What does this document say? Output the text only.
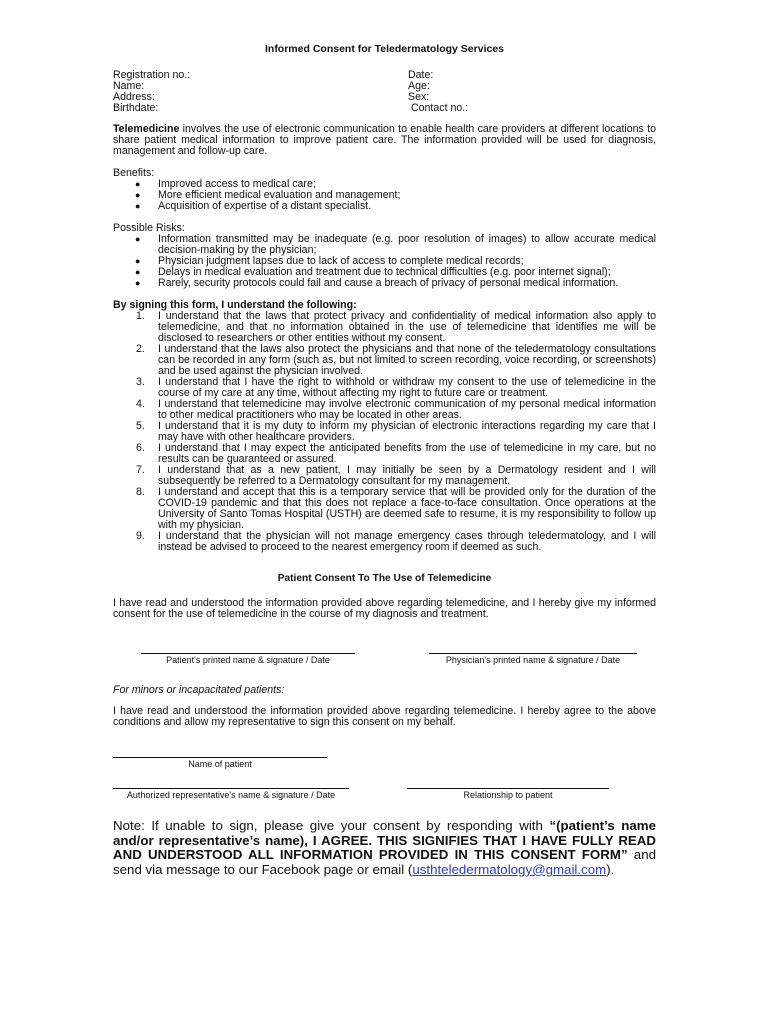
Informed Consent for Teledermatology Services
Registration no.:
Name:
Address:
Birthdate:
Date:
Age:
Sex:
Contact no.:
Telemedicine involves the use of electronic communication to enable health care providers at different locations to share patient medical information to improve patient care. The information provided will be used for diagnosis, management and follow-up care.
Benefits:
● Improved access to medical care;
● More efficient medical evaluation and management;
● Acquisition of expertise of a distant specialist.
Possible Risks:
● Information transmitted may be inadequate (e.g. poor resolution of images) to allow accurate medical decision-making by the physician;
● Physician judgment lapses due to lack of access to complete medical records;
● Delays in medical evaluation and treatment due to technical difficulties (e.g. poor internet signal);
● Rarely, security protocols could fail and cause a breach of privacy of personal medical information.
By signing this form, I understand the following:
1. I understand that the laws that protect privacy and confidentiality of medical information also apply to telemedicine, and that no information obtained in the use of telemedicine that identifies me will be disclosed to researchers or other entities without my consent.
2. I understand that the laws also protect the physicians and that none of the teledermatology consultations can be recorded in any form (such as, but not limited to screen recording, voice recording, or screenshots) and be used against the physician involved.
3. I understand that I have the right to withhold or withdraw my consent to the use of telemedicine in the course of my care at any time, without affecting my right to future care or treatment.
4. I understand that telemedicine may involve electronic communication of my personal medical information to other medical practitioners who may be located in other areas.
5. I understand that it is my duty to inform my physician of electronic interactions regarding my care that I may have with other healthcare providers.
6. I understand that I may expect the anticipated benefits from the use of telemedicine in my care, but no results can be guaranteed or assured.
7. I understand that as a new patient, I may initially be seen by a Dermatology resident and I will subsequently be referred to a Dermatology consultant for my management.
8. I understand and accept that this is a temporary service that will be provided only for the duration of the COVID-19 pandemic and that this does not replace a face-to-face consultation. Once operations at the University of Santo Tomas Hospital (USTH) are deemed safe to resume, it is my responsibility to follow up with my physician.
9. I understand that the physician will not manage emergency cases through teledermatology, and I will instead be advised to proceed to the nearest emergency room if deemed as such.
Patient Consent To The Use of Telemedicine
I have read and understood the information provided above regarding telemedicine, and I hereby give my informed consent for the use of telemedicine in the course of my diagnosis and treatment.
Patient's printed name & signature / Date	Physician's printed name & signature / Date
For minors or incapacitated patients:
I have read and understood the information provided above regarding telemedicine. I hereby agree to the above conditions and allow my representative to sign this consent on my behalf.
Name of patient
Authorized representative's name & signature / Date	Relationship to patient
Note: If unable to sign, please give your consent by responding with “(patient’s name and/or representative’s name), I AGREE. THIS SIGNIFIES THAT I HAVE FULLY READ AND UNDERSTOOD ALL INFORMATION PROVIDED IN THIS CONSENT FORM” and send via message to our Facebook page or email (usthteledermatology@gmail.com).
